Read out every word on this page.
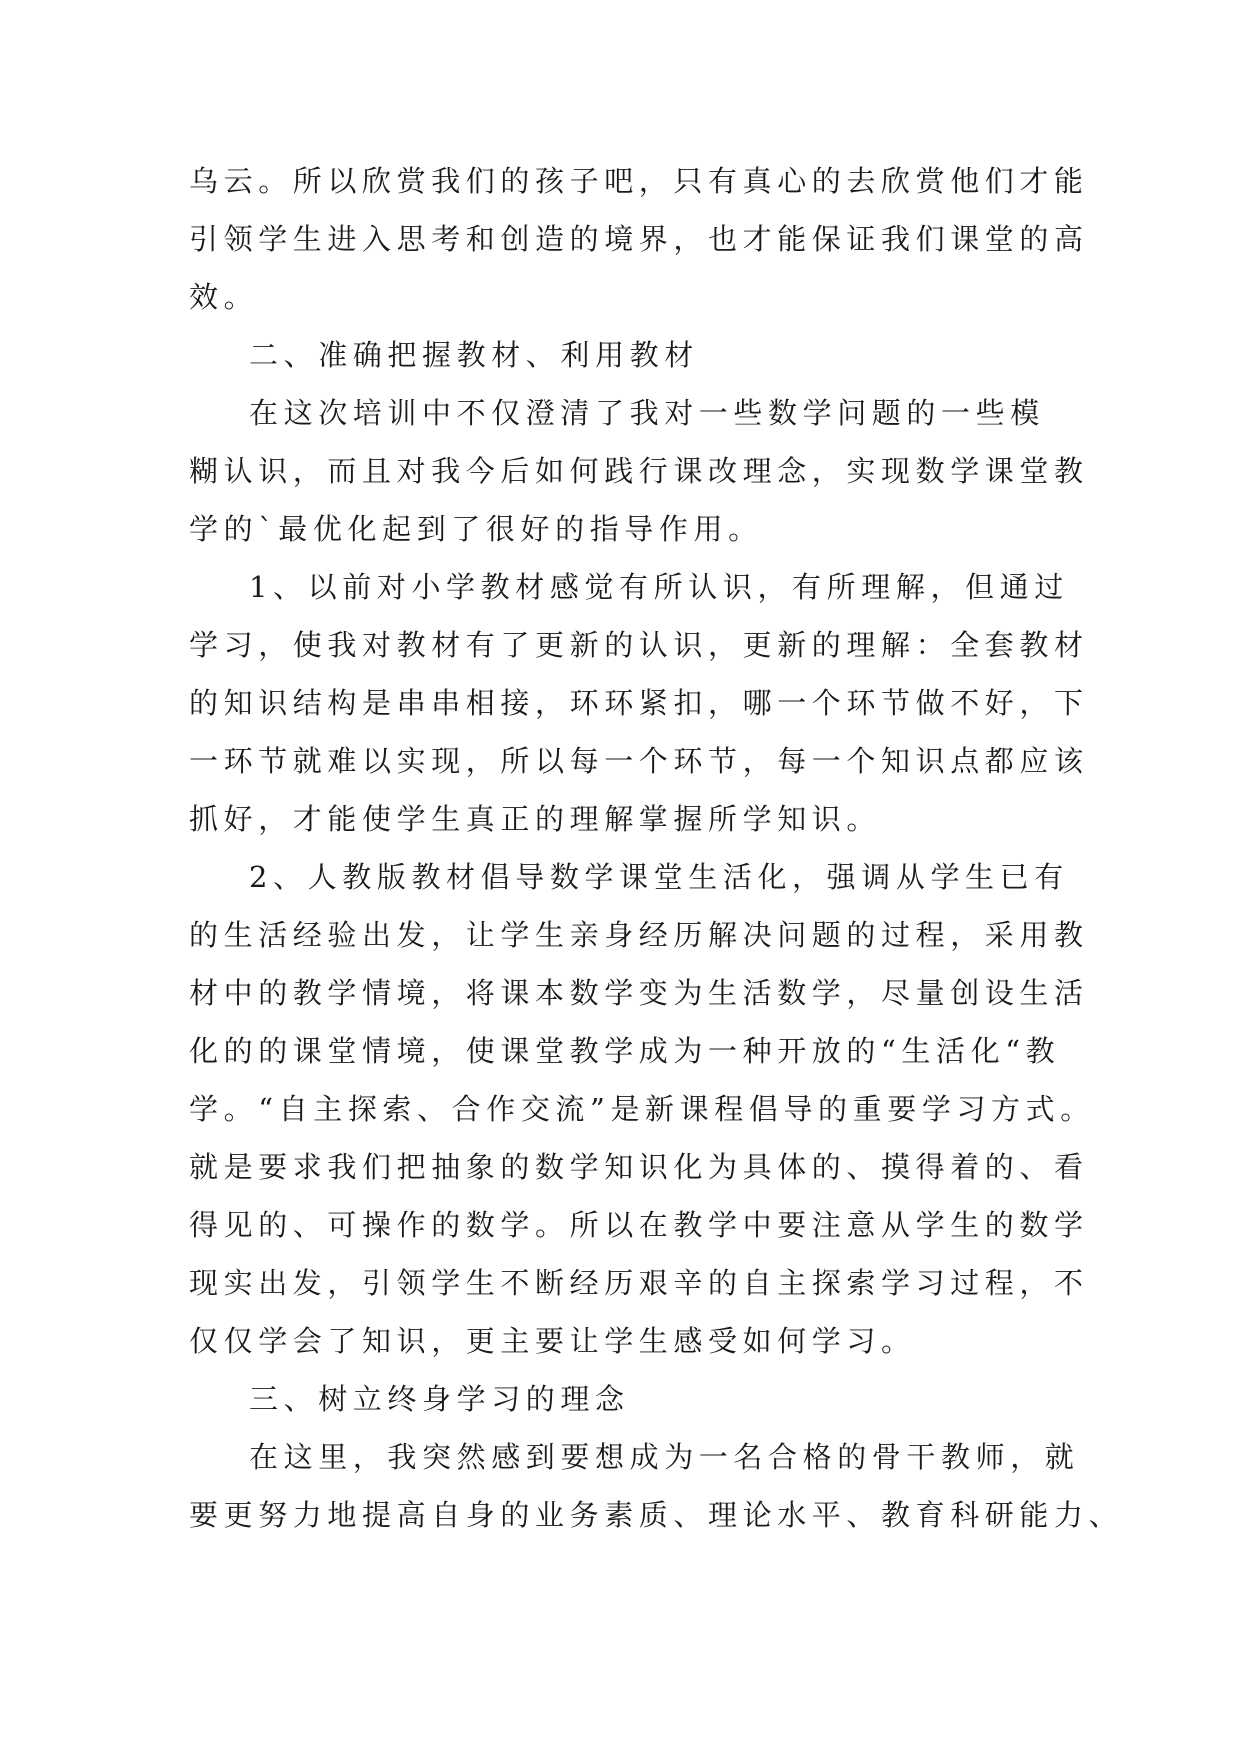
乌云。所以欣赏我们的孩子吧，只有真心的去欣赏他们才能
引领学生进入思考和创造的境界，也才能保证我们课堂的高
效。
二、准确把握教材、利用教材
在这次培训中不仅澄清了我对一些数学问题的一些模
糊认识，而且对我今后如何践行课改理念，实现数学课堂教
学的`最优化起到了很好的指导作用。
1、以前对小学教材感觉有所认识，有所理解，但通过
学习，使我对教材有了更新的认识，更新的理解：全套教材
的知识结构是串串相接，环环紧扣，哪一个环节做不好，下
一环节就难以实现，所以每一个环节，每一个知识点都应该
抓好，才能使学生真正的理解掌握所学知识。
2、人教版教材倡导数学课堂生活化，强调从学生已有
的生活经验出发，让学生亲身经历解决问题的过程，采用教
材中的教学情境，将课本数学变为生活数学，尽量创设生活
化的的课堂情境，使课堂教学成为一种开放的“生活化“教
学。“自主探索、合作交流”是新课程倡导的重要学习方式。
就是要求我们把抽象的数学知识化为具体的、摸得着的、看
得见的、可操作的数学。所以在教学中要注意从学生的数学
现实出发，引领学生不断经历艰辛的自主探索学习过程，不
仅仅学会了知识，更主要让学生感受如何学习。
三、树立终身学习的理念
在这里，我突然感到要想成为一名合格的骨干教师，就
要更努力地提高自身的业务素质、理论水平、教育科研能力、
